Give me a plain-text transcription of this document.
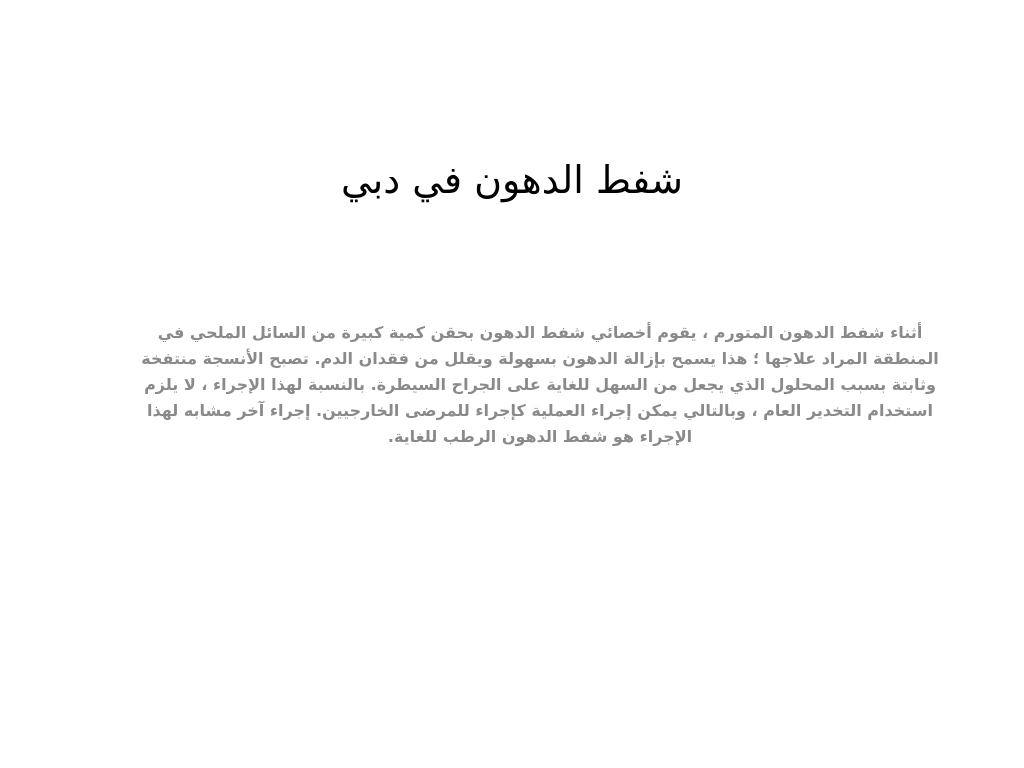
شفط الدهون في دبي

أثناء شفط الدهون المتورم ، يقوم أخصائي شفط الدهون بحقن كمية كبيرة من السائل الملحي في المنطقة المراد علاجها ؛ هذا يسمح بإزالة الدهون بسهولة ويقلل من فقدان الدم. تصبح الأنسجة منتفخة وثابتة بسبب المحلول الذي يجعل من السهل للغاية على الجراح السيطرة. بالنسبة لهذا الإجراء ، لا يلزم استخدام التخدير العام ، وبالتالي يمكن إجراء العملية كإجراء للمرضى الخارجيين. إجراء آخر مشابه لهذا الإجراء هو شفط الدهون الرطب للغاية.
